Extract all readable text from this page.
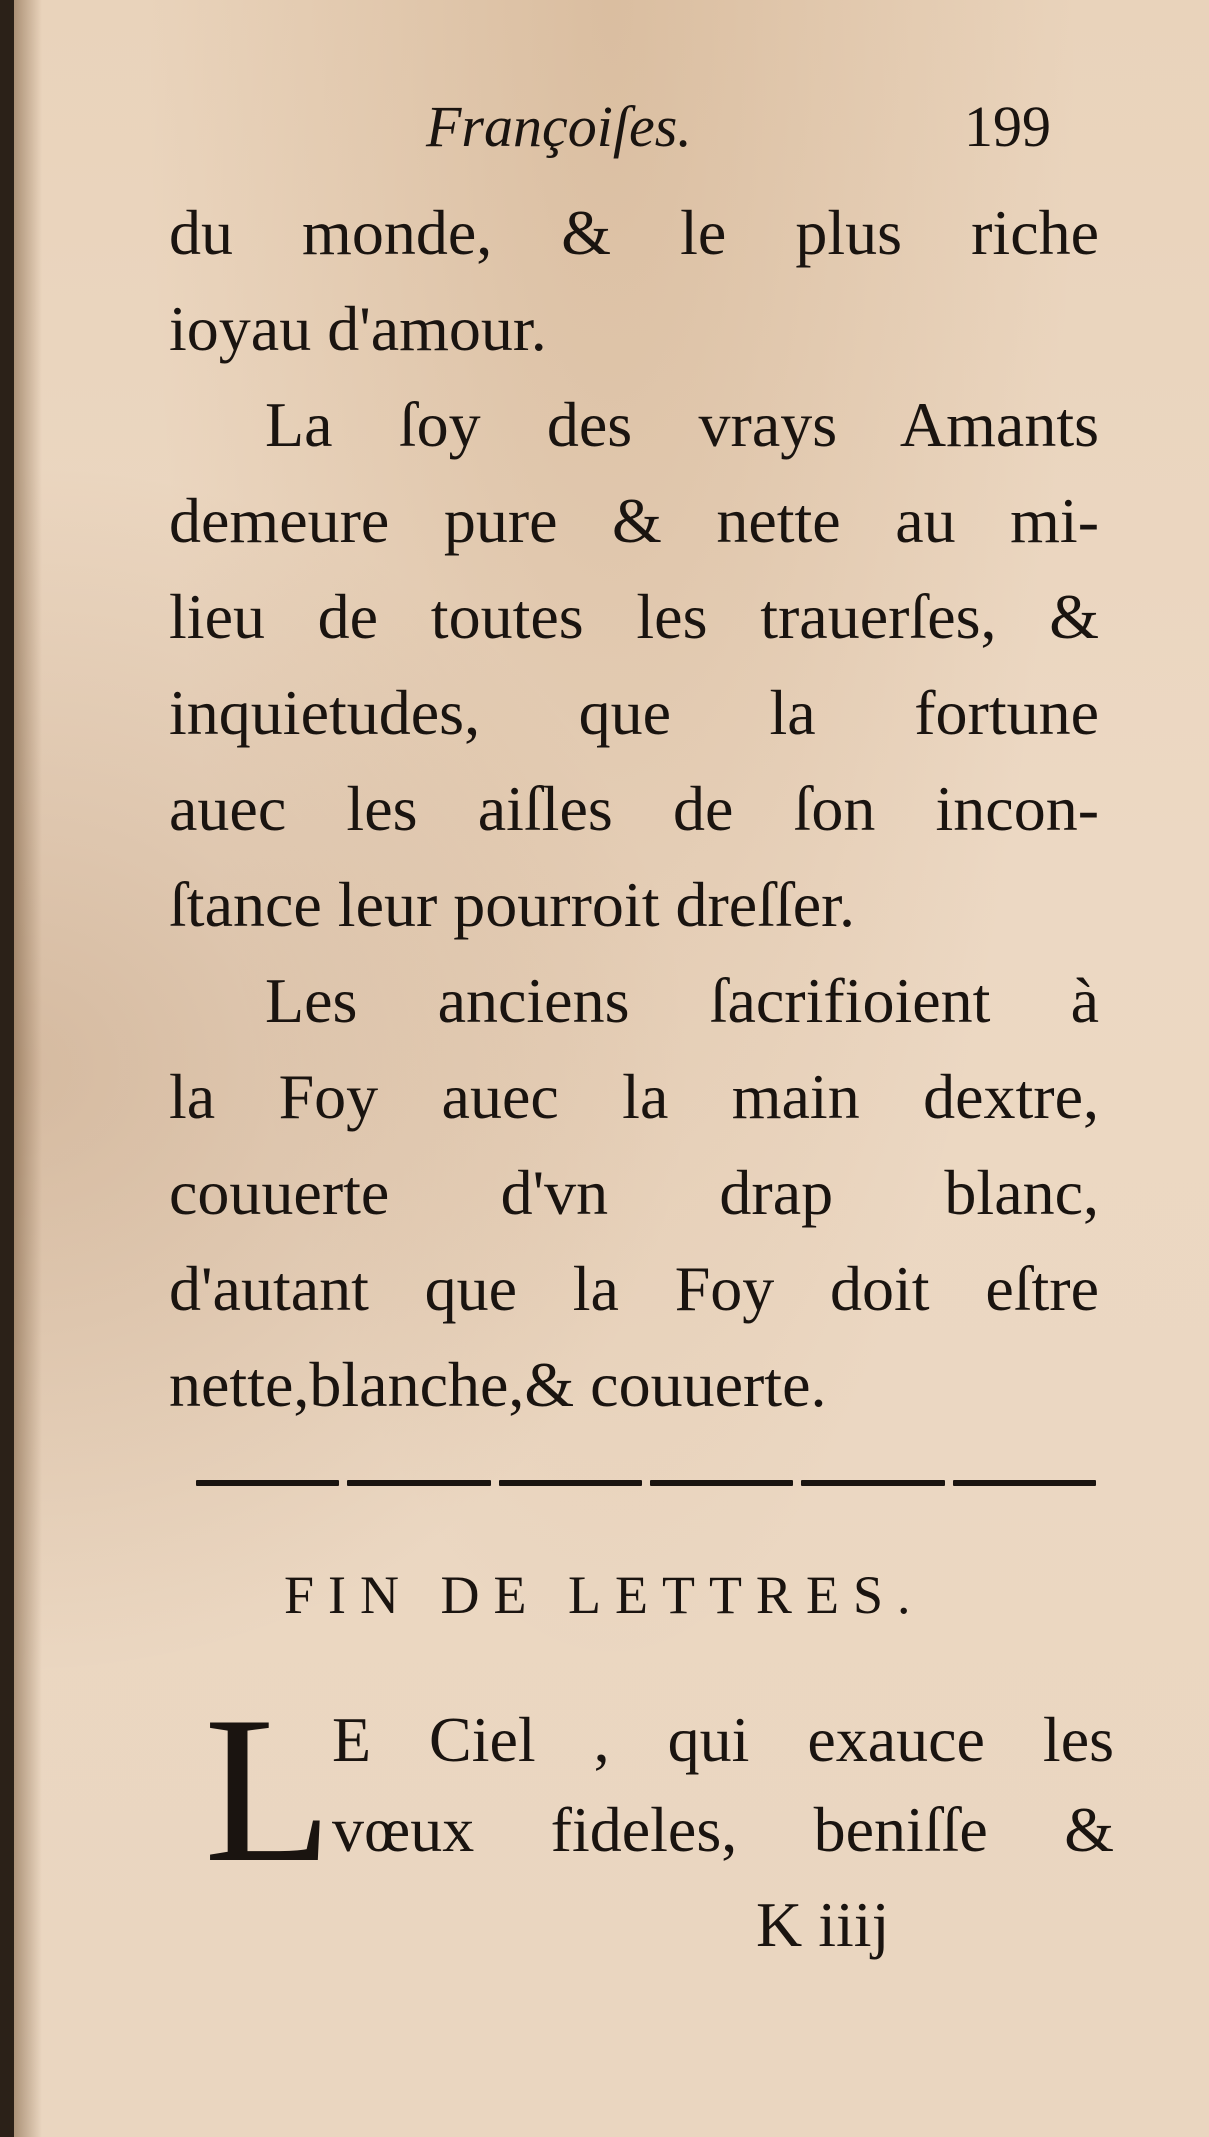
Françoiſes.	199
du monde, & le plus riche
ioyau d'amour.
La ſoy des vrays Amants
demeure pure & nette au mi-
lieu de toutes les trauerſes, &
inquietudes, que la fortune
auec les aiſles de ſon incon-
ſtance leur pourroit dreſſer.
Les anciens ſacrifioient à
la Foy auec la main dextre,
couuerte d'vn drap blanc,
d'autant que la Foy doit eſtre
nette,blanche,& couuerte.
FIN DE LETTRES.
L E Ciel , qui exauce les
vœux fideles, beniſſe &
K iiij
